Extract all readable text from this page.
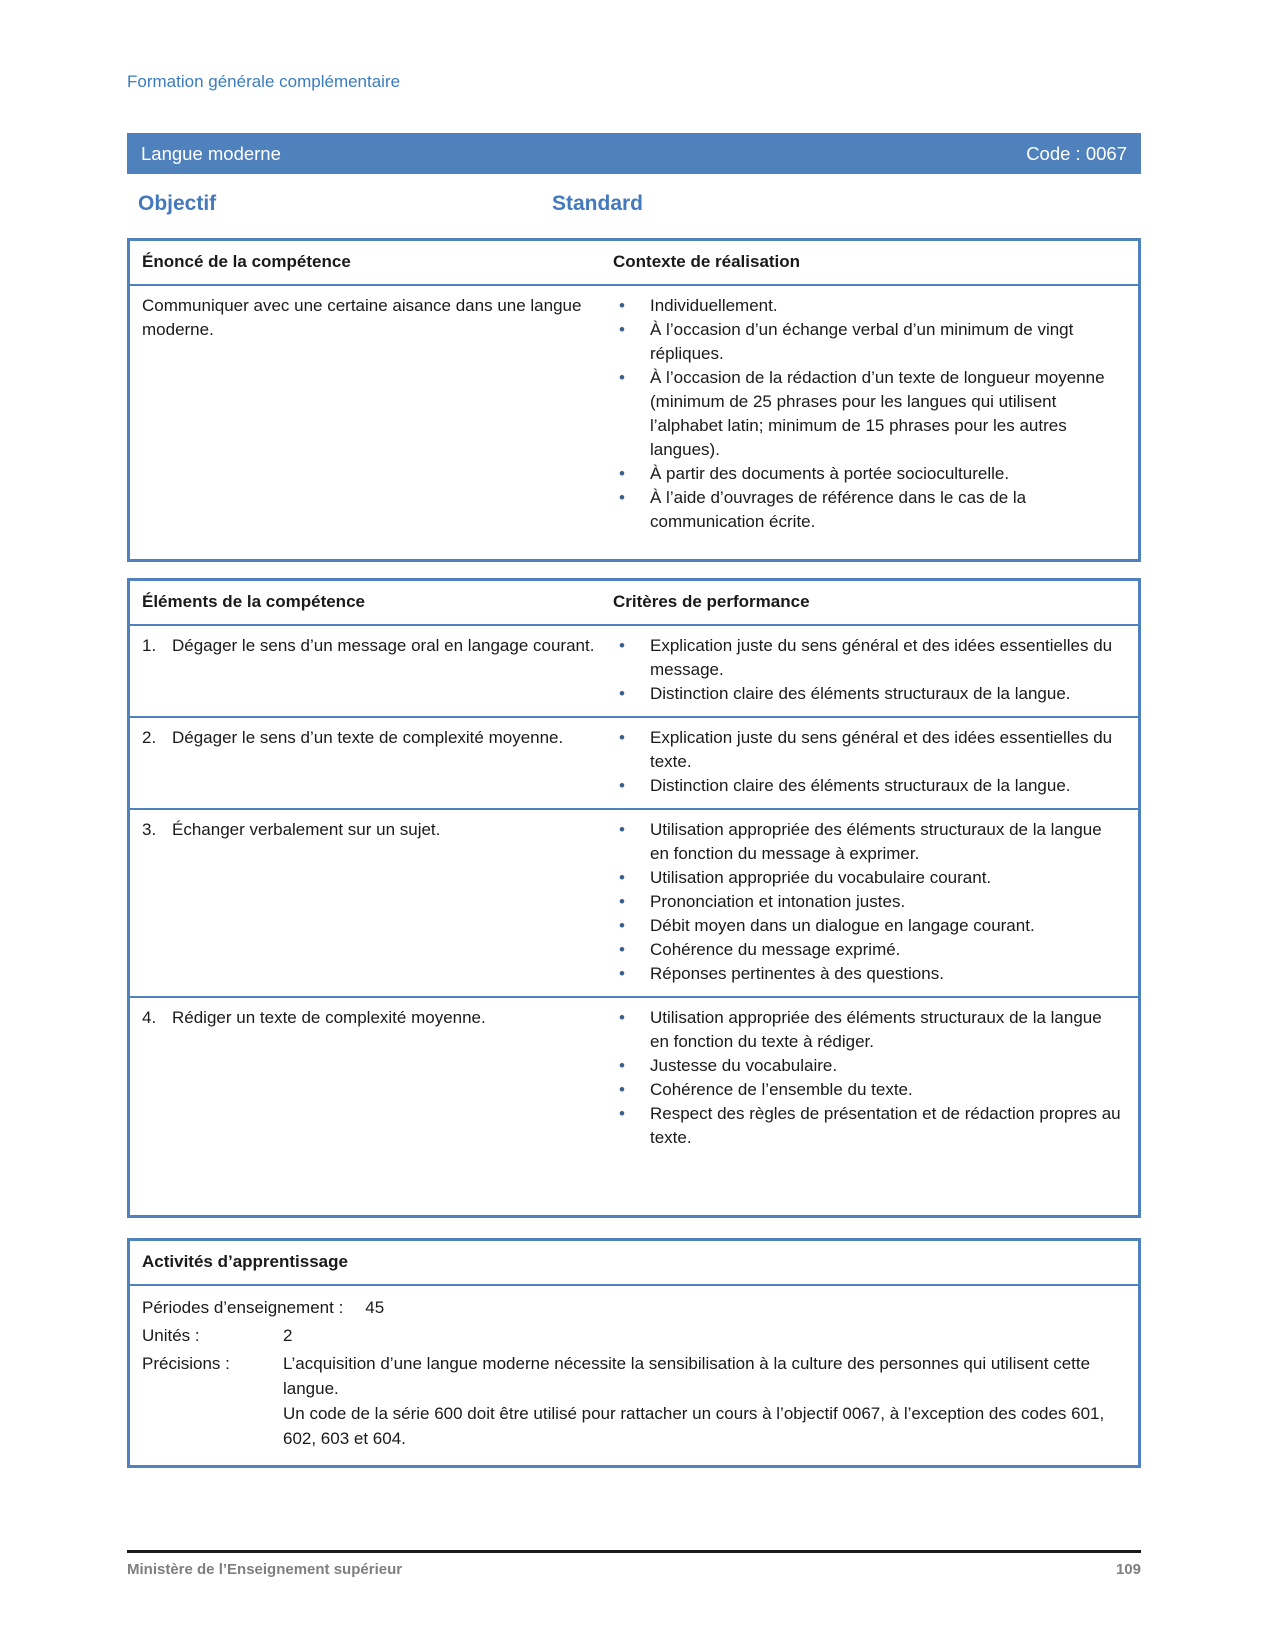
Formation générale complémentaire
Langue moderne	Code : 0067
Objectif	Standard
Énoncé de la compétence	Contexte de réalisation

Communiquer avec une certaine aisance dans une langue moderne.

• Individuellement.
• À l’occasion d’un échange verbal d’un minimum de vingt répliques.
• À l’occasion de la rédaction d’un texte de longueur moyenne (minimum de 25 phrases pour les langues qui utilisent l’alphabet latin; minimum de 15 phrases pour les autres langues).
• À partir des documents à portée socioculturelle.
• À l’aide d’ouvrages de référence dans le cas de la communication écrite.
Éléments de la compétence	Critères de performance
1. Dégager le sens d’un message oral en langage courant.	• Explication juste du sens général et des idées essentielles du message.
• Distinction claire des éléments structuraux de la langue.
2. Dégager le sens d’un texte de complexité moyenne.	• Explication juste du sens général et des idées essentielles du texte.
• Distinction claire des éléments structuraux de la langue.
3. Échanger verbalement sur un sujet.	• Utilisation appropriée des éléments structuraux de la langue en fonction du message à exprimer.
• Utilisation appropriée du vocabulaire courant.
• Prononciation et intonation justes.
• Débit moyen dans un dialogue en langage courant.
• Cohérence du message exprimé.
• Réponses pertinentes à des questions.
4. Rédiger un texte de complexité moyenne.	• Utilisation appropriée des éléments structuraux de la langue en fonction du texte à rédiger.
• Justesse du vocabulaire.
• Cohérence de l’ensemble du texte.
• Respect des règles de présentation et de rédaction propres au texte.
Activités d’apprentissage
Périodes d’enseignement : 45
Unités :	2
Précisions :	L’acquisition d’une langue moderne nécessite la sensibilisation à la culture des personnes qui utilisent cette langue.

Un code de la série 600 doit être utilisé pour rattacher un cours à l’objectif 0067, à l’exception des codes 601, 602, 603 et 604.

Ministère de l’Enseignement supérieur	109
